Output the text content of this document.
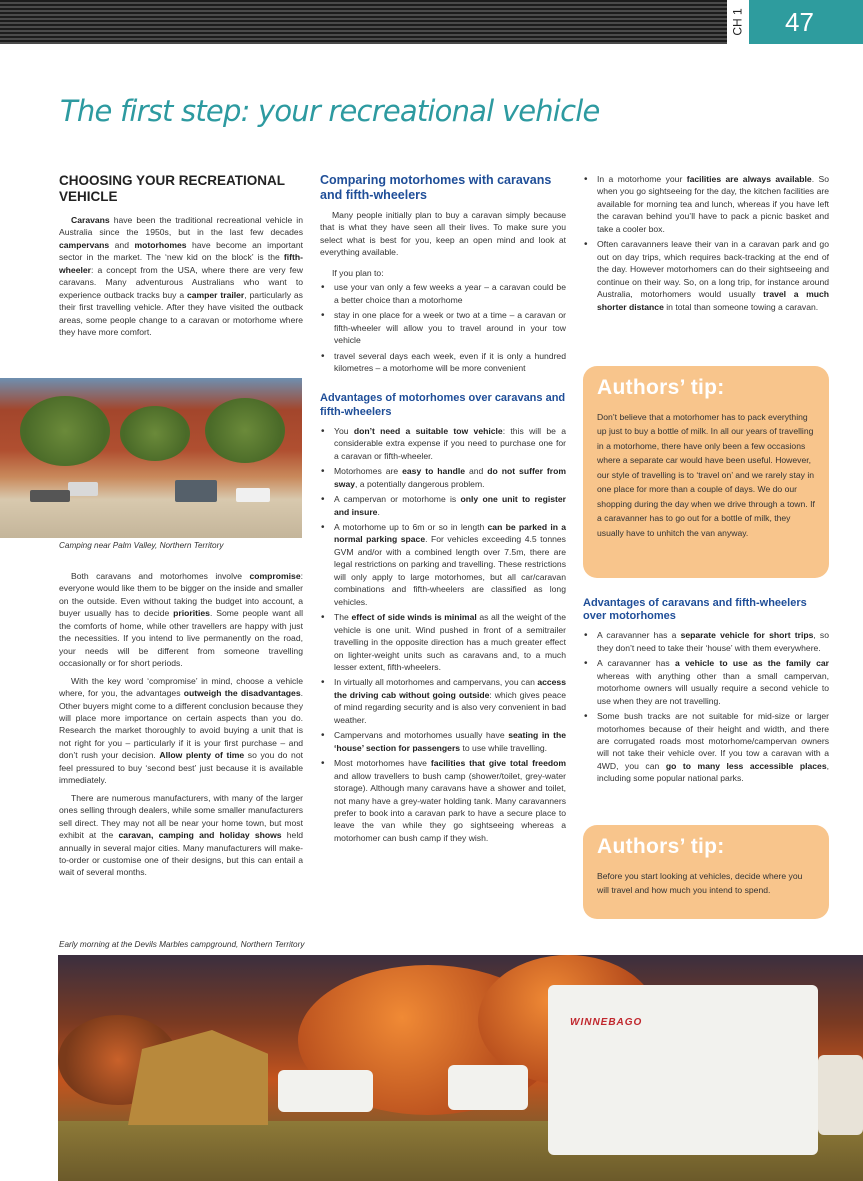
CH 1	47
The first step: your recreational vehicle
CHOOSING YOUR RECREATIONAL VEHICLE

Caravans have been the traditional recreational vehicle in Australia since the 1950s, but in the last few decades campervans and motorhomes have become an important sector in the market. The ‘new kid on the block’ is the fifth-wheeler: a concept from the USA, where there are very few caravans. Many adventurous Australians who want to experience outback tracks buy a camper trailer, particularly as their first travelling vehicle. After they have visited the outback areas, some people change to a caravan or motorhome where they have more comfort.

Camping near Palm Valley, Northern Territory

Both caravans and motorhomes involve compromise: everyone would like them to be bigger on the inside and smaller on the outside. Even without taking the budget into account, a buyer usually has to decide priorities. Some people want all the comforts of home, while other travellers are happy with just the necessities. If you intend to live permanently on the road, your needs will be different from someone travelling occasionally or for short periods.

With the key word ‘compromise’ in mind, choose a vehicle where, for you, the advantages outweigh the disadvantages. Other buyers might come to a different conclusion because they will place more importance on certain aspects than you do. Research the market thoroughly to avoid buying a unit that is not right for you – particularly if it is your first purchase – and don’t rush your decision. Allow plenty of time so you do not feel pressured to buy ‘second best’ just because it is available immediately.

There are numerous manufacturers, with many of the larger ones selling through dealers, while some smaller manufacturers sell direct. They may not all be near your home town, but most exhibit at the caravan, camping and holiday shows held annually in several major cities. Many manufacturers will make-to-order or customise one of their designs, but this can entail a wait of several months.

Comparing motorhomes with caravans and fifth-wheelers

Many people initially plan to buy a caravan simply because that is what they have seen all their lives. To make sure you select what is best for you, keep an open mind and look at everything available.

If you plan to:

• use your van only a few weeks a year – a caravan could be a better choice than a motorhome
• stay in one place for a week or two at a time – a caravan or fifth-wheeler will allow you to travel around in your tow vehicle
• travel several days each week, even if it is only a hundred kilometres – a motorhome will be more convenient
Advantages of motorhomes over caravans and fifth-wheelers
• You don’t need a suitable tow vehicle: this will be a considerable extra expense if you need to purchase one for a caravan or fifth-wheeler.
• Motorhomes are easy to handle and do not suffer from sway, a potentially dangerous problem.
• A campervan or motorhome is only one unit to register and insure.
• A motorhome up to 6m or so in length can be parked in a normal parking space. For vehicles exceeding 4.5 tonnes GVM and/or with a combined length over 7.5m, there are legal restrictions on parking and travelling. These restrictions will only apply to large motorhomes, but all car/caravan combinations and fifth-wheelers are classified as long vehicles.
• The effect of side winds is minimal as all the weight of the vehicle is one unit. Wind pushed in front of a semitrailer travelling in the opposite direction has a much greater effect on lighter-weight units such as caravans and, to a much lesser extent, fifth-wheelers.
• In virtually all motorhomes and campervans, you can access the driving cab without going outside: which gives peace of mind regarding security and is also very convenient in bad weather.
• Campervans and motorhomes usually have seating in the ‘house’ section for passengers to use while travelling.
• Most motorhomes have facilities that give total freedom and allow travellers to bush camp (shower/toilet, grey-water storage). Although many caravans have a shower and toilet, not many have a grey-water holding tank. Many caravanners prefer to book into a caravan park to have a secure place to leave the van while they go sightseeing whereas a motorhomer can bush camp if they wish.
• In a motorhome your facilities are always available. So when you go sightseeing for the day, the kitchen facilities are available for morning tea and lunch, whereas if you have left the caravan behind you’ll have to pack a picnic basket and take a cooler box.
• Often caravanners leave their van in a caravan park and go out on day trips, which requires back-tracking at the end of the day. However motorhomers can do their sightseeing and continue on their way. So, on a long trip, for instance around Australia, motorhomers would usually travel a much shorter distance in total than someone towing a caravan.
Authors’ tip:

Don’t believe that a motorhomer has to pack everything up just to buy a bottle of milk. In all our years of travelling in a motorhome, there have only been a few occasions where a separate car would have been useful. However, our style of travelling is to ‘travel on’ and we rarely stay in one place for more than a couple of days. We do our shopping during the day when we drive through a town. If a caravanner has to go out for a bottle of milk, they usually have to unhitch the van anyway.

Advantages of caravans and fifth-wheelers over motorhomes
• A caravanner has a separate vehicle for short trips, so they don’t need to take their ‘house’ with them everywhere.
• A caravanner has a vehicle to use as the family car whereas with anything other than a small campervan, motorhome owners will usually require a second vehicle to use when they are not travelling.
• Some bush tracks are not suitable for mid-size or larger motorhomes because of their height and width, and there are corrugated roads most motorhome/campervan owners will not take their vehicle over. If you tow a caravan with a 4WD, you can go to many less accessible places, including some popular national parks.
Authors’ tip:

Before you start looking at vehicles, decide where you will travel and how much you intend to spend.

Early morning at the Devils Marbles campground, Northern Territory
WINNEBAGO
